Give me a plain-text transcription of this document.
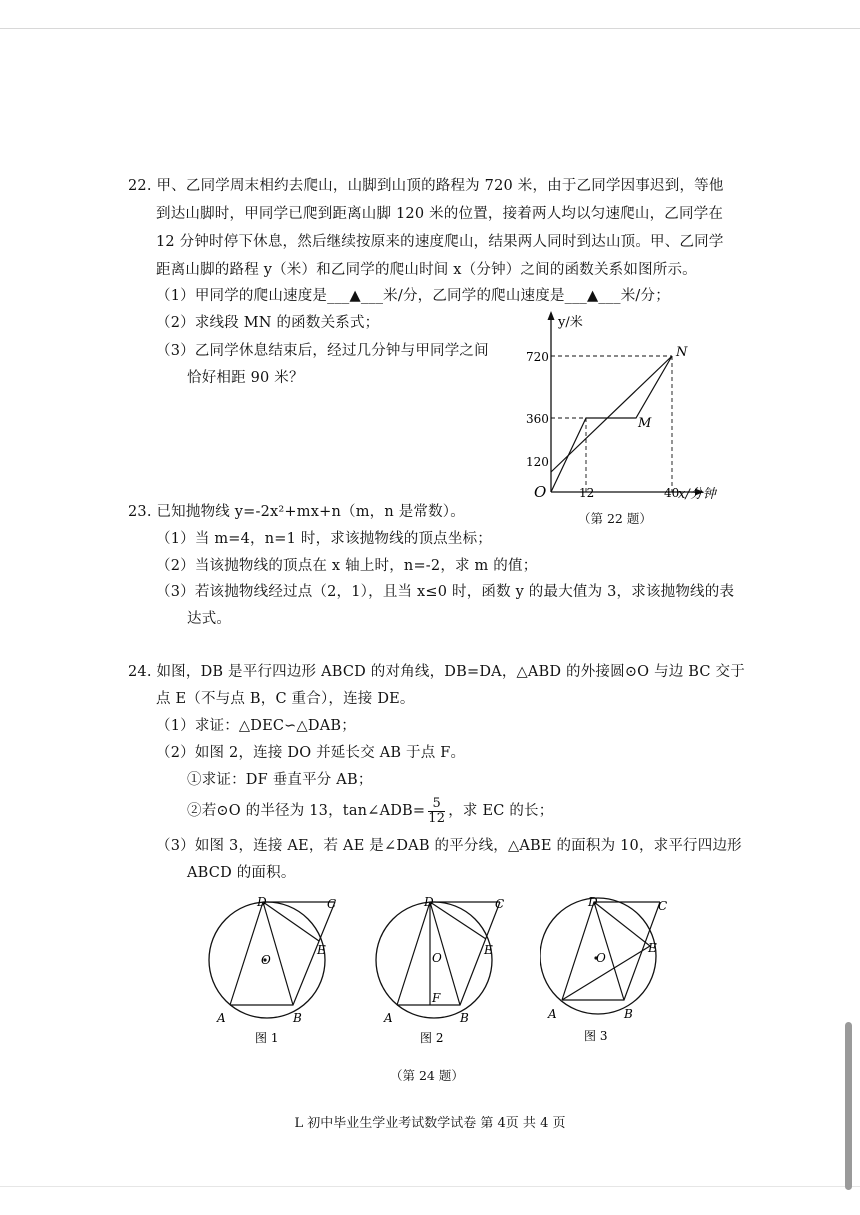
22. 甲、乙同学周末相约去爬山，山脚到山顶的路程为 720 米，由于乙同学因事迟到，等他
到达山脚时，甲同学已爬到距离山脚 120 米的位置，接着两人均以匀速爬山，乙同学在
12 分钟时停下休息，然后继续按原来的速度爬山，结果两人同时到达山顶。甲、乙同学
距离山脚的路程 y（米）和乙同学的爬山时间 x（分钟）之间的函数关系如图所示。
（1）甲同学的爬山速度是___▲___米/分，乙同学的爬山速度是___▲___米/分；
（2）求线段 MN 的函数关系式；
（3）乙同学休息结束后，经过几分钟与甲同学之间
恰好相距 90 米？
y/米
x/分钟
O
720
360
120
12	40
N
M
（第 22 题）
23. 已知抛物线 y=-2x²+mx+n（m，n 是常数）。
（1）当 m=4，n=1 时，求该抛物线的顶点坐标；
（2）当该抛物线的顶点在 x 轴上时，n=-2，求 m 的值；
（3）若该抛物线经过点（2，1），且当 x≤0 时，函数 y 的最大值为 3，求该抛物线的表
达式。
24. 如图，DB 是平行四边形 ABCD 的对角线，DB=DA，△ABD 的外接圆⊙O 与边 BC 交于
点 E（不与点 B，C 重合），连接 DE。
（1）求证：△DEC∽△DAB；
（2）如图 2，连接 DO 并延长交 AB 于点 F。
①求证：DF 垂直平分 AB；
②若⊙O 的半径为 13，tan∠ADB= $\frac{5}{12}$ ，求 EC 的长；
（3）如图 3，连接 AE，若 AE 是∠DAB 的平分线，△ABE 的面积为 10，求平行四边形
ABCD 的面积。
D	C
E
O
A	B
图 1
D	C
E
O
F
A	B
图 2
D	C
E
O
A	B
图 3
（第 24 题）
L 初中毕业生学业考试数学试卷 第 4页 共 4 页
